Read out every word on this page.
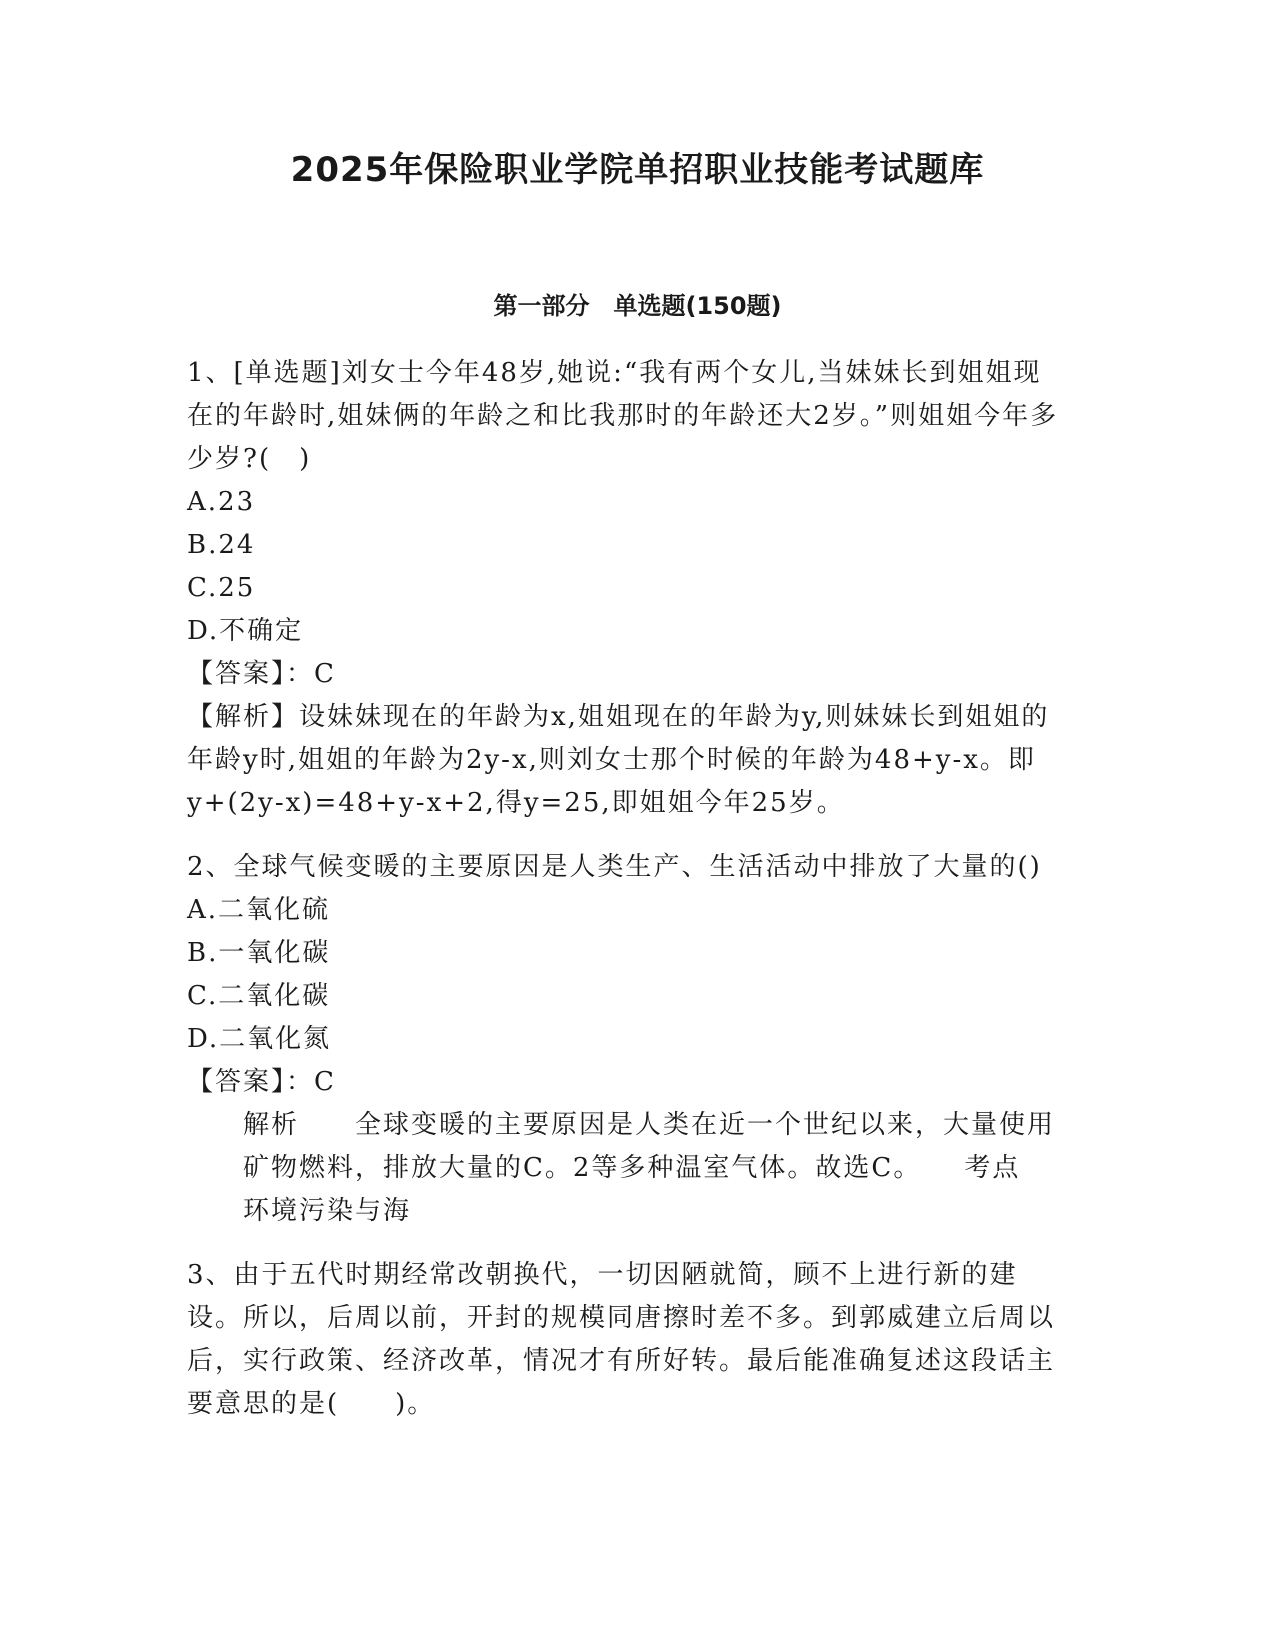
2025年保险职业学院单招职业技能考试题库
第一部分　单选题(150题)

1、[单选题]刘女士今年48岁,她说:“我有两个女儿,当妹妹长到姐姐现在的年龄时,姐妹俩的年龄之和比我那时的年龄还大2岁。”则姐姐今年多少岁?(　)

A.23

B.24

C.25

D.不确定

【答案】：C

【解析】设妹妹现在的年龄为x,姐姐现在的年龄为y,则妹妹长到姐姐的年龄y时,姐姐的年龄为2y-x,则刘女士那个时候的年龄为48+y-x。即y+(2y-x)=48+y-x+2,得y=25,即姐姐今年25岁。

2、全球气候变暖的主要原因是人类生产、生活活动中排放了大量的()

A.二氧化硫

B.一氧化碳

C.二氧化碳

D.二氧化氮

【答案】：C

解析　　全球变暖的主要原因是人类在近一个世纪以来，大量使用矿物燃料，排放大量的C。2等多种温室气体。故选C。　　考点　　环境污染与海

3、由于五代时期经常改朝换代，一切因陋就简，顾不上进行新的建设。所以，后周以前，开封的规模同唐擦时差不多。到郭威建立后周以后，实行政策、经济改革，情况才有所好转。最后能准确复述这段话主要意思的是(　　)。
